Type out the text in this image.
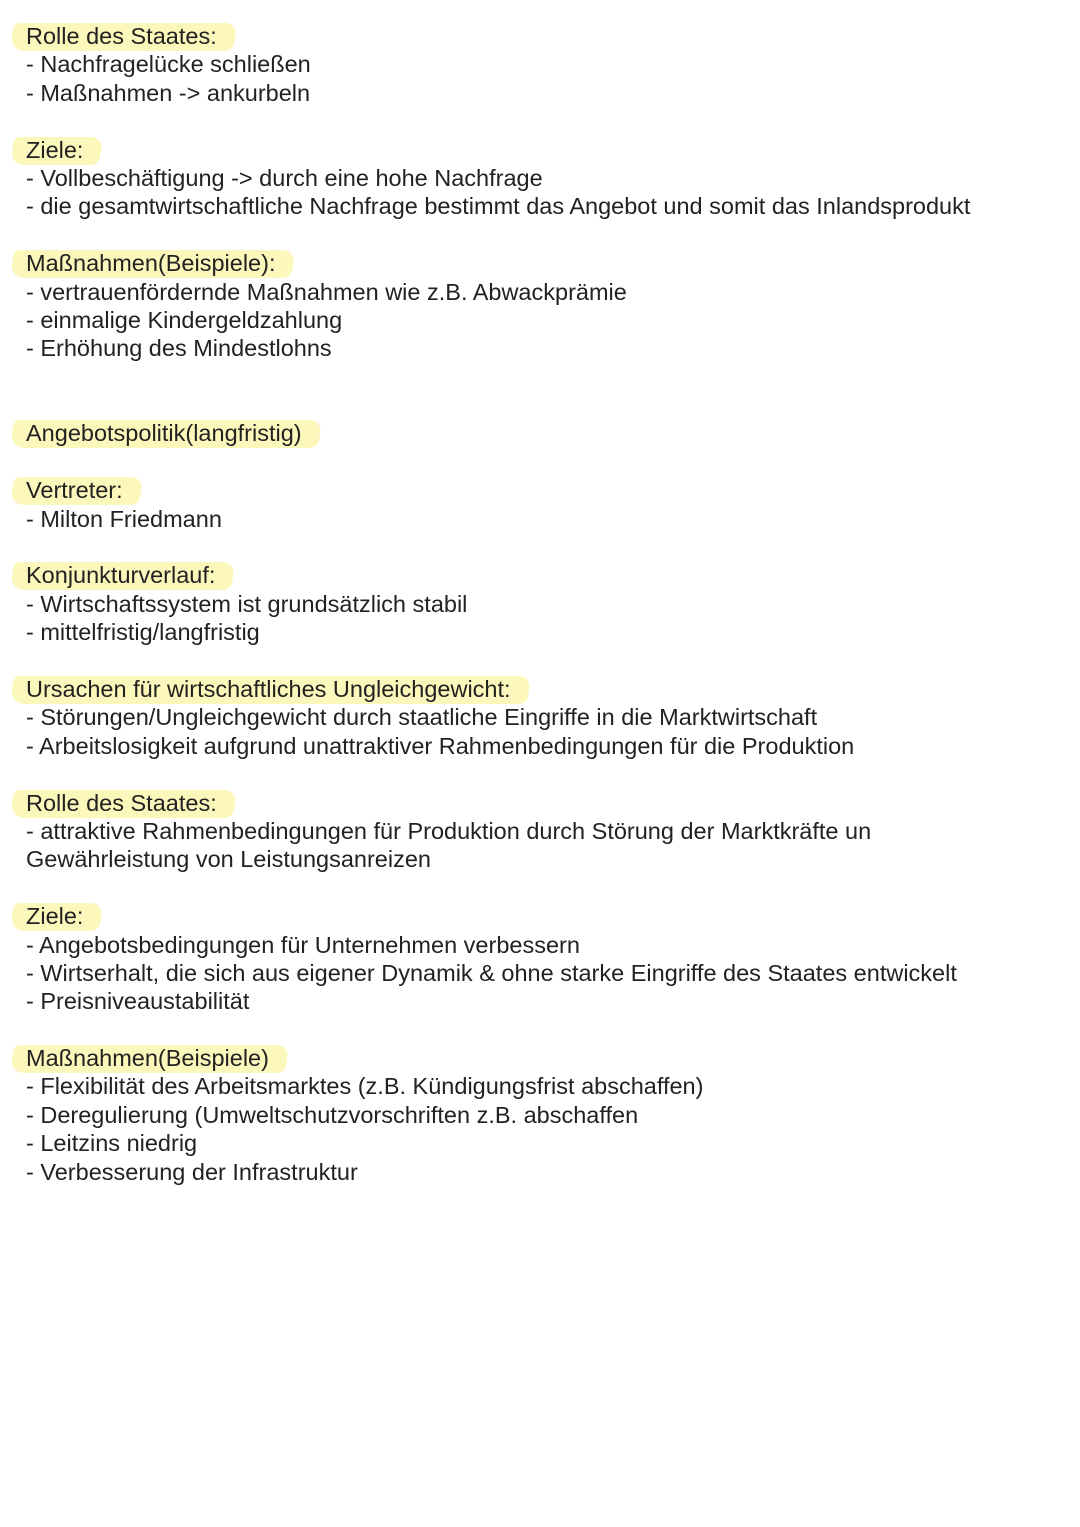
Rolle des Staates:
- Nachfragelücke schließen
- Maßnahmen -> ankurbeln
Ziele:
- Vollbeschäftigung -> durch eine hohe Nachfrage
- die gesamtwirtschaftliche Nachfrage bestimmt das Angebot und somit das Inlandsprodukt
Maßnahmen(Beispiele):
- vertrauenfördernde Maßnahmen wie z.B. Abwackprämie
- einmalige Kindergeldzahlung
- Erhöhung des Mindestlohns
Angebotspolitik(langfristig)
Vertreter:
- Milton Friedmann
Konjunkturverlauf:
- Wirtschaftssystem ist grundsätzlich stabil
- mittelfristig/langfristig
Ursachen für wirtschaftliches Ungleichgewicht:
- Störungen/Ungleichgewicht durch staatliche Eingriffe in die Marktwirtschaft
- Arbeitslosigkeit aufgrund unattraktiver Rahmenbedingungen für die Produktion
Rolle des Staates:
- attraktive Rahmenbedingungen für Produktion durch Störung der Marktkräfte un
Gewährleistung von Leistungsanreizen
Ziele:
- Angebotsbedingungen für Unternehmen verbessern
- Wirtserhalt, die sich aus eigener Dynamik & ohne starke Eingriffe des Staates entwickelt
- Preisniveaustabilität
Maßnahmen(Beispiele)
- Flexibilität des Arbeitsmarktes (z.B. Kündigungsfrist abschaffen)
- Deregulierung (Umweltschutzvorschriften z.B. abschaffen
- Leitzins niedrig
- Verbesserung der Infrastruktur
